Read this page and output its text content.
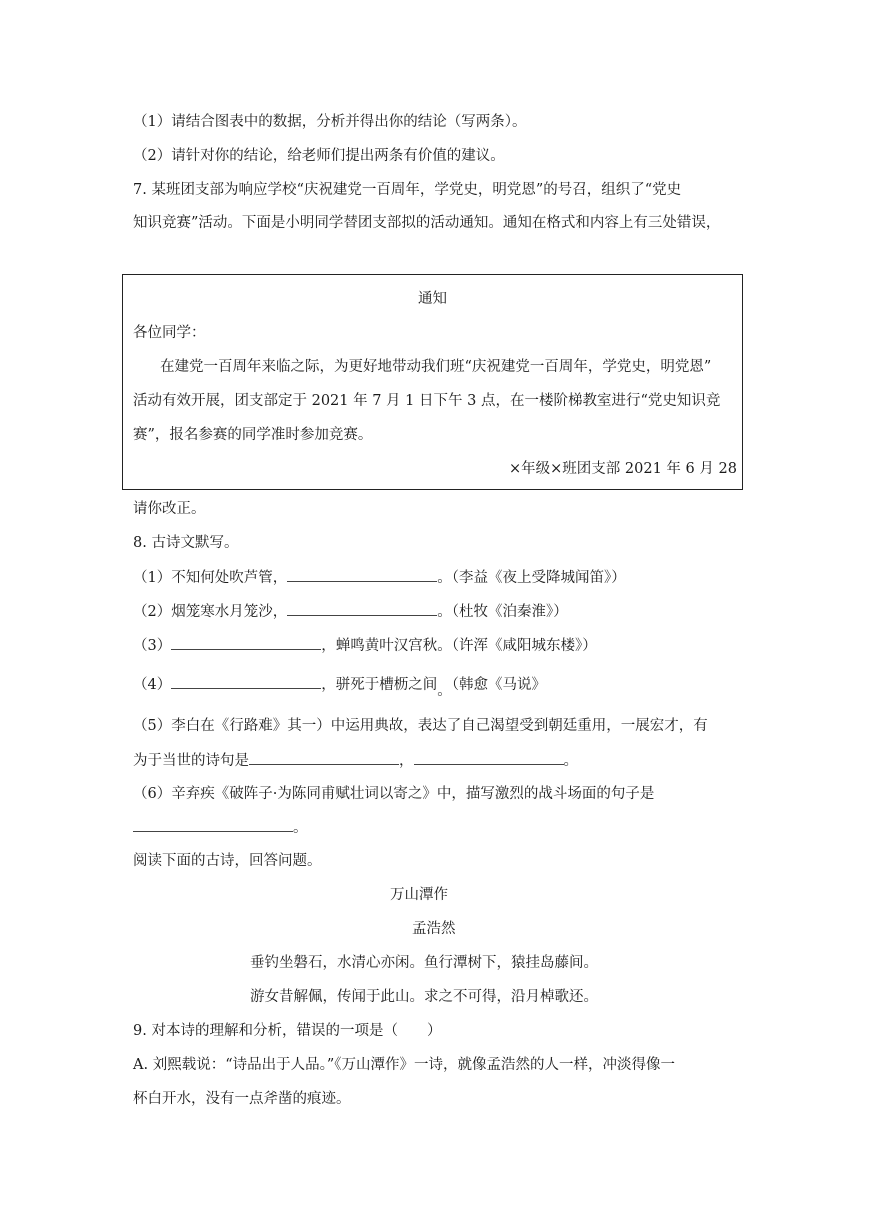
（1）请结合图表中的数据，分析并得出你的结论（写两条）。
（2）请针对你的结论，给老师们提出两条有价值的建议。
7. 某班团支部为响应学校“庆祝建党一百周年，学党史，明党恩”的号召，组织了“党史
知识竞赛”活动。下面是小明同学替团支部拟的活动通知。通知在格式和内容上有三处错误，
通知
各位同学：
在建党一百周年来临之际，为更好地带动我们班“庆祝建党一百周年，学党史，明党恩”
活动有效开展，团支部定于 2021 年 7 月 1 日下午 3 点，在一楼阶梯教室进行“党史知识竞
赛”，报名参赛的同学准时参加竞赛。
×年级×班团支部 2021 年 6 月 28
请你改正。
8. 古诗文默写。
（1）不知何处吹芦管，	。（李益《夜上受降城闻笛》）
（2）烟笼寒水月笼沙，	。（杜牧《泊秦淮》）
（3）	，蝉鸣黄叶汉宫秋。（许浑《咸阳城东楼》）
（4）	，骈死于槽枥之间。（韩愈《马说》
（5）李白在《行路难》其一）中运用典故，表达了自己渴望受到朝廷重用，一展宏才，有
为于当世的诗句是	，	。
（6）辛弃疾《破阵子·为陈同甫赋壮词以寄之》中，描写激烈的战斗场面的句子是
。
阅读下面的古诗，回答问题。
万山潭作
孟浩然
垂钓坐磐石，水清心亦闲。鱼行潭树下，猿挂岛藤间。
游女昔解佩，传闻于此山。求之不可得，沿月棹歌还。
9. 对本诗的理解和分析，错误的一项是（　　）
A. 刘熙载说：“诗品出于人品。”《万山潭作》一诗，就像孟浩然的人一样，冲淡得像一
杯白开水，没有一点斧凿的痕迹。
